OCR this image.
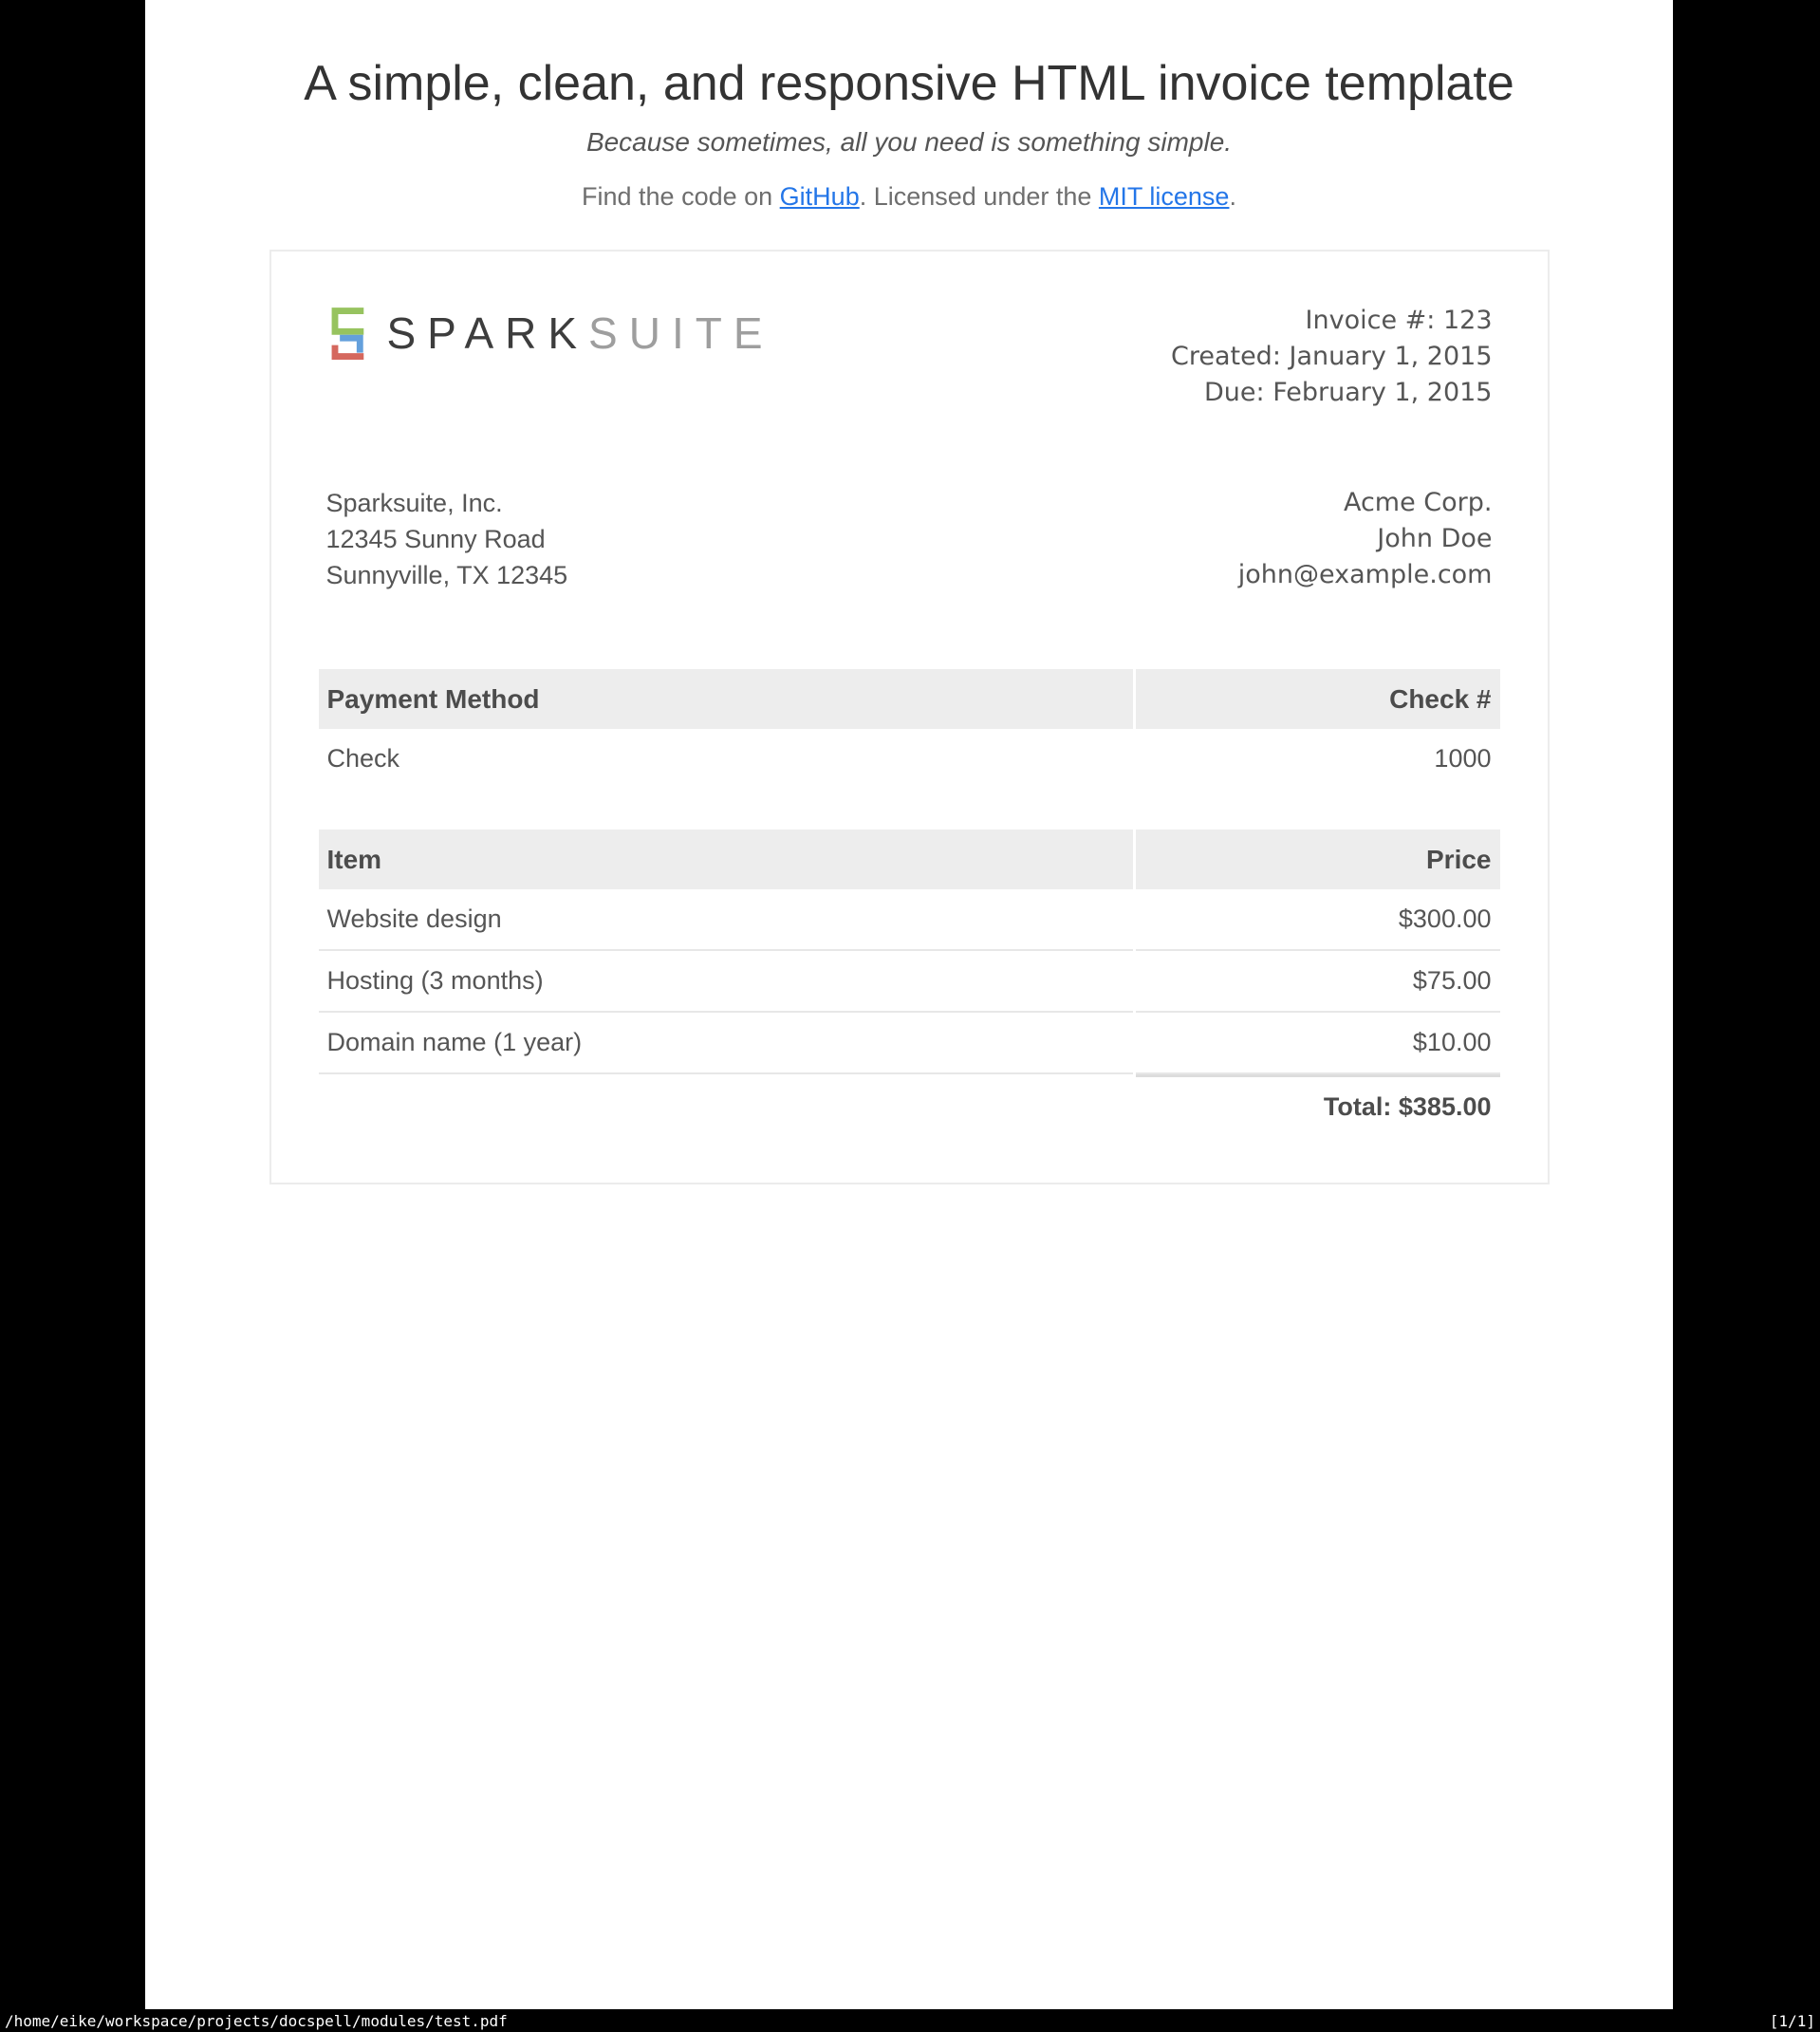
A simple, clean, and responsive HTML invoice template
Because sometimes, all you need is something simple.
Find the code on GitHub. Licensed under the MIT license.
SPARKSUITE	Invoice #: 123
Created: January 1, 2015
Due: February 1, 2015
Sparksuite, Inc.
12345 Sunny Road
Sunnyville, TX 12345
Acme Corp.
John Doe
john@example.com
Payment Method	Check #
Check	1000
Item	Price
Website design	$300.00
Hosting (3 months)	$75.00
Domain name (1 year)	$10.00
Total: $385.00
/home/eike/workspace/projects/docspell/modules/test.pdf	[1/1]
